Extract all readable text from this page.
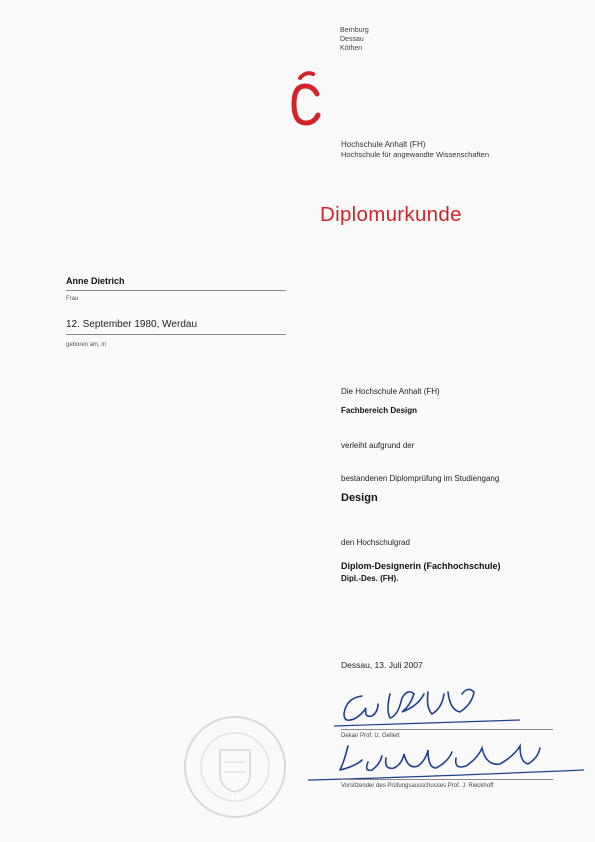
Bernburg
Dessau
Köthen
Hochschule Anhalt (FH)
Hochschule für angewandte Wissenschaften
Diplomurkunde
Anne Dietrich
Frau
12. September 1980, Werdau
geboren am, in
Die Hochschule Anhalt (FH)
Fachbereich Design
verleiht aufgrund der
bestandenen Diplomprüfung im Studiengang
Design
den Hochschulgrad
Diplom-Designerin (Fachhochschule)
Dipl.-Des. (FH).
Dessau, 13. Juli 2007
Dekan Prof. U. Gellert
Vorsitzender des Prüfungsausschusses Prof. J. Rieckhoff
